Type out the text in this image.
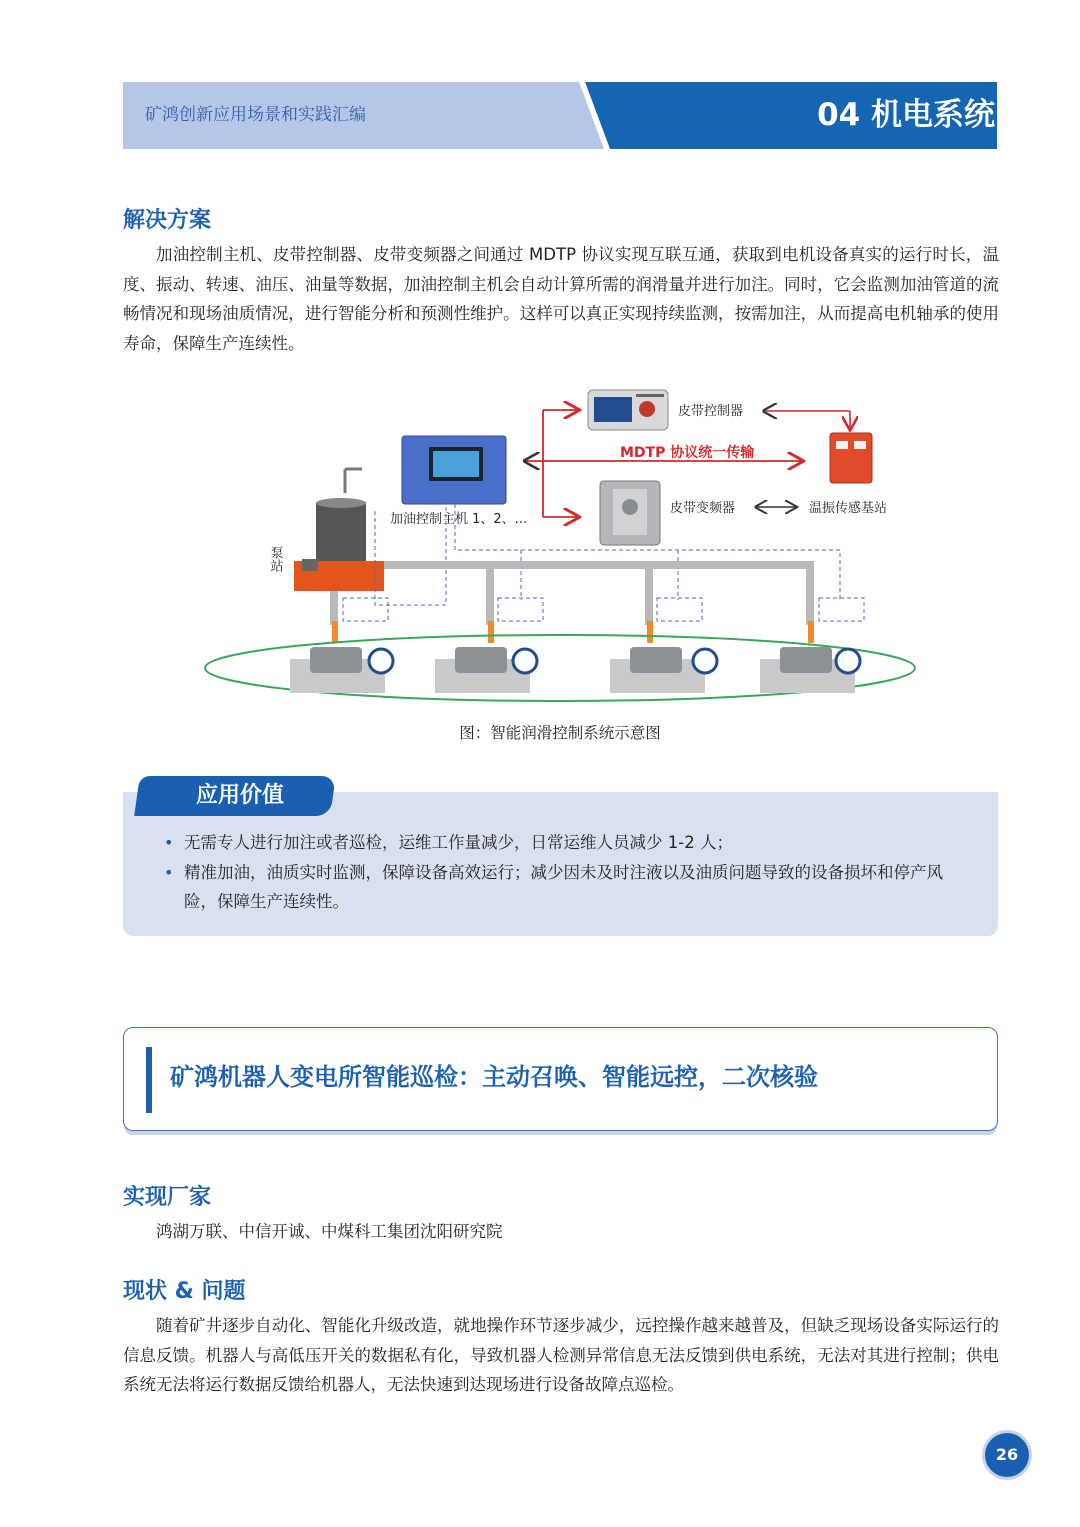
矿鸿创新应用场景和实践汇编	04 机电系统
解决方案
加油控制主机、皮带控制器、皮带变频器之间通过 MDTP 协议实现互联互通，获取到电机设备真实的运行时长，温度、振动、转速、油压、油量等数据，加油控制主机会自动计算所需的润滑量并进行加注。同时，它会监测加油管道的流畅情况和现场油质情况，进行智能分析和预测性维护。这样可以真正实现持续监测，按需加注，从而提高电机轴承的使用寿命，保障生产连续性。
皮带控制器
MDTP 协议统一传输
加油控制主机 1、2、...
皮带变频器	温振传感基站
泵站
图：智能润滑控制系统示意图
应用价值
• 无需专人进行加注或者巡检，运维工作量减少，日常运维人员减少 1-2 人；
• 精准加油，油质实时监测，保障设备高效运行；减少因未及时注液以及油质问题导致的设备损坏和停产风险，保障生产连续性。
矿鸿机器人变电所智能巡检：主动召唤、智能远控，二次核验
实现厂家
鸿湖万联、中信开诚、中煤科工集团沈阳研究院
现状 & 问题
随着矿井逐步自动化、智能化升级改造，就地操作环节逐步减少，远控操作越来越普及，但缺乏现场设备实际运行的信息反馈。机器人与高低压开关的数据私有化，导致机器人检测异常信息无法反馈到供电系统，无法对其进行控制；供电系统无法将运行数据反馈给机器人，无法快速到达现场进行设备故障点巡检。
26
